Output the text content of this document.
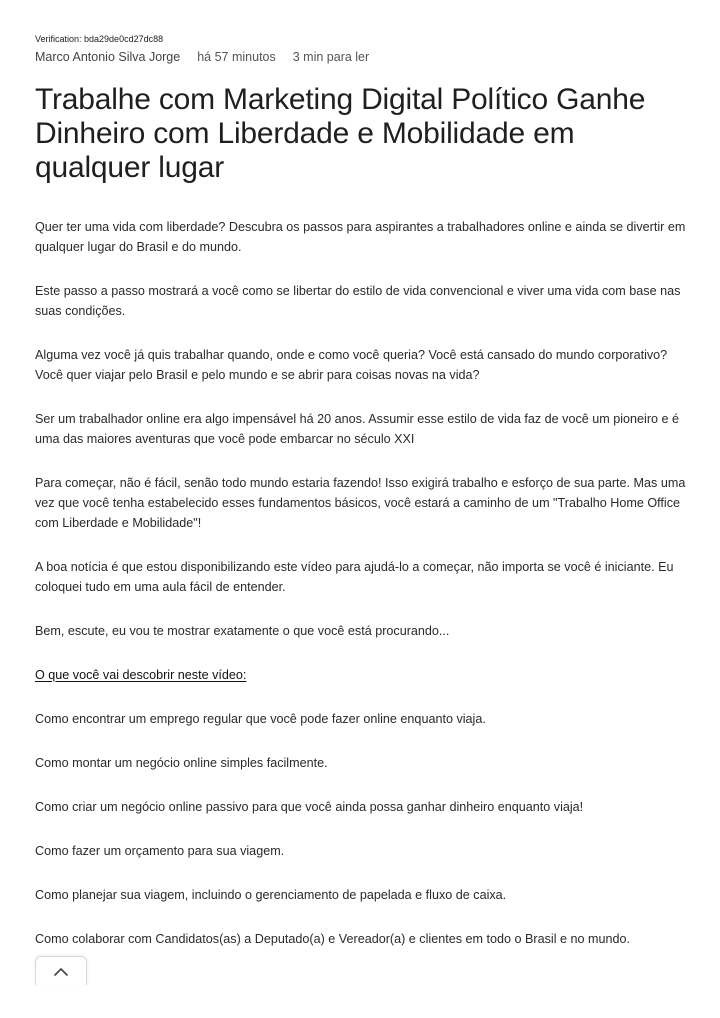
Verification: bda29de0cd27dc88

Marco Antonio Silva Jorge há 57 minutos 3 min para ler
Trabalhe com Marketing Digital Político Ganhe Dinheiro com Liberdade e Mobilidade em qualquer lugar

Quer ter uma vida com liberdade? Descubra os passos para aspirantes a trabalhadores online e ainda se divertir em qualquer lugar do Brasil e do mundo.

Este passo a passo mostrará a você como se libertar do estilo de vida convencional e viver uma vida com base nas suas condições.

Alguma vez você já quis trabalhar quando, onde e como você queria? Você está cansado do mundo corporativo? Você quer viajar pelo Brasil e pelo mundo e se abrir para coisas novas na vida?

Ser um trabalhador online era algo impensável há 20 anos. Assumir esse estilo de vida faz de você um pioneiro e é uma das maiores aventuras que você pode embarcar no século XXI

Para começar, não é fácil, senão todo mundo estaria fazendo! Isso exigirá trabalho e esforço de sua parte. Mas uma vez que você tenha estabelecido esses fundamentos básicos, você estará a caminho de um "Trabalho Home Office com Liberdade e Mobilidade"!

A boa notícia é que estou disponibilizando este vídeo para ajudá-lo a começar, não importa se você é iniciante. Eu coloquei tudo em uma aula fácil de entender.

Bem, escute, eu vou te mostrar exatamente o que você está procurando...

O que você vai descobrir neste vídeo:

Como encontrar um emprego regular que você pode fazer online enquanto viaja.

Como montar um negócio online simples facilmente.

Como criar um negócio online passivo para que você ainda possa ganhar dinheiro enquanto viaja!

Como fazer um orçamento para sua viagem.

Como planejar sua viagem, incluindo o gerenciamento de papelada e fluxo de caixa.

Como colaborar com Candidatos(as) a Deputado(a) e Vereador(a) e clientes em todo o Brasil e no mundo.
